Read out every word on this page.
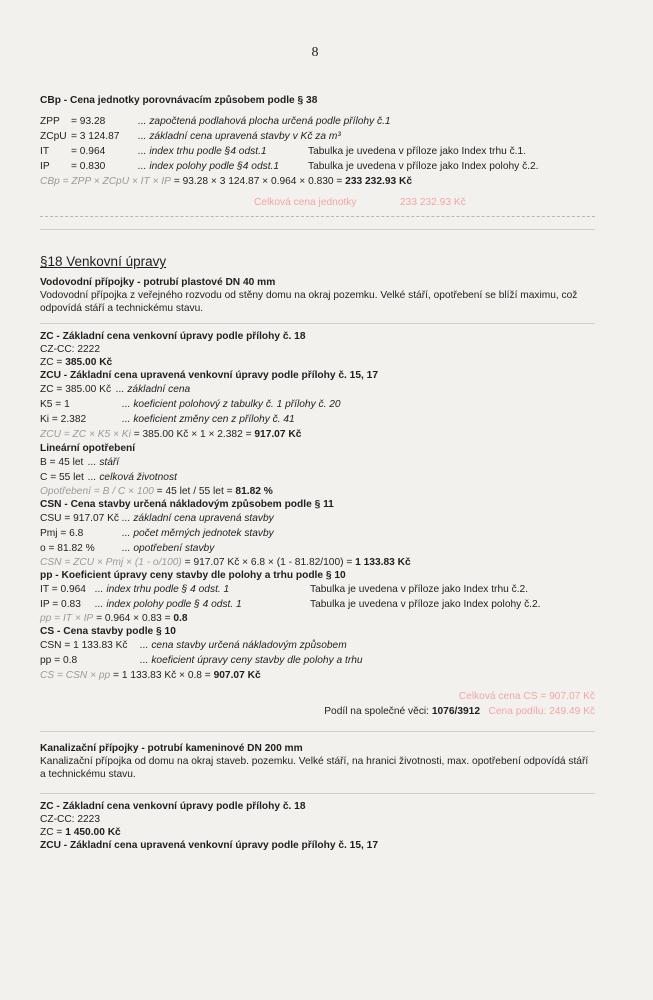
8
CBp - Cena jednotky porovnávacím způsobem podle § 38
ZPP = 93.28	... započtená podlahová plocha určená podle přílohy č.1
ZCpU = 3 124.87 ... základní cena upravená stavby v Kč za m³
IT = 0.964	... index trhu podle §4 odst.1	Tabulka je uvedena v příloze jako Index trhu č.1.
IP = 0.830	... index polohy podle §4 odst.1	Tabulka je uvedena v příloze jako Index polohy č.2.
CBp = ZPP × ZCpU × IT × IP = 93.28 × 3 124.87 × 0.964 × 0.830 = 233 232.93 Kč
Celková cena jednotky	233 232.93 Kč
§18 Venkovní úpravy
Vodovodní přípojky - potrubí plastové DN 40 mm
Vodovodní přípojka z veřejného rozvodu od stěny domu na okraj pozemku. Velké stáří, opotřebení se blíží maximu, což odpovídá stáří a technickému stavu.
ZC - Základní cena venkovní úpravy podle přílohy č. 18
CZ-CC: 2222
ZC = 385.00 Kč
ZCU - Základní cena upravená venkovní úpravy podle přílohy č. 15, 17
ZC = 385.00 Kč ... základní cena
K5 = 1	... koeficient polohový z tabulky č. 1 přílohy č. 20
Ki = 2.382	... koeficient změny cen z přílohy č. 41
ZCU = ZC × K5 × Ki = 385.00 Kč × 1 × 2.382 = 917.07 Kč
Lineární opotřebení
B = 45 let ... stáří
C = 55 let ... celková životnost
Opotřebení = B / C × 100 = 45 let / 55 let = 81.82 %
CSN - Cena stavby určená nákladovým způsobem podle § 11
CSU = 917.07 Kč ... základní cena upravená stavby
Pmj = 6.8	... počet měrných jednotek stavby
o = 81.82 %	... opotřebení stavby
CSN = ZCU × Pmj × (1 - o/100) = 917.07 Kč × 6.8 × (1 - 81.82/100) = 1 133.83 Kč
pp - Koeficient úpravy ceny stavby dle polohy a trhu podle § 10
IT = 0.964 ... index trhu podle § 4 odst. 1	Tabulka je uvedena v příloze jako Index trhu č.2.
IP = 0.83 ... index polohy podle § 4 odst. 1	Tabulka je uvedena v příloze jako Index polohy č.2.
pp = IT × IP = 0.964 × 0.83 = 0.8
CS - Cena stavby podle § 10
CSN = 1 133.83 Kč ... cena stavby určená nákladovým způsobem
pp = 0.8	... koeficient úpravy ceny stavby dle polohy a trhu
CS = CSN × pp = 1 133.83 Kč × 0.8 = 907.07 Kč
Celková cena CS = 907.07 Kč
Podíl na společné věci: 1076/3912 Cena podílu: 249.49 Kč
Kanalizační přípojky - potrubí kameninové DN 200 mm
Kanalizační přípojka od domu na okraj staveb. pozemku. Velké stáří, na hranici životnosti, max. opotřebení odpovídá stáří a technickému stavu.
ZC - Základní cena venkovní úpravy podle přílohy č. 18
CZ-CC: 2223
ZC = 1 450.00 Kč
ZCU - Základní cena upravená venkovní úpravy podle přílohy č. 15, 17
